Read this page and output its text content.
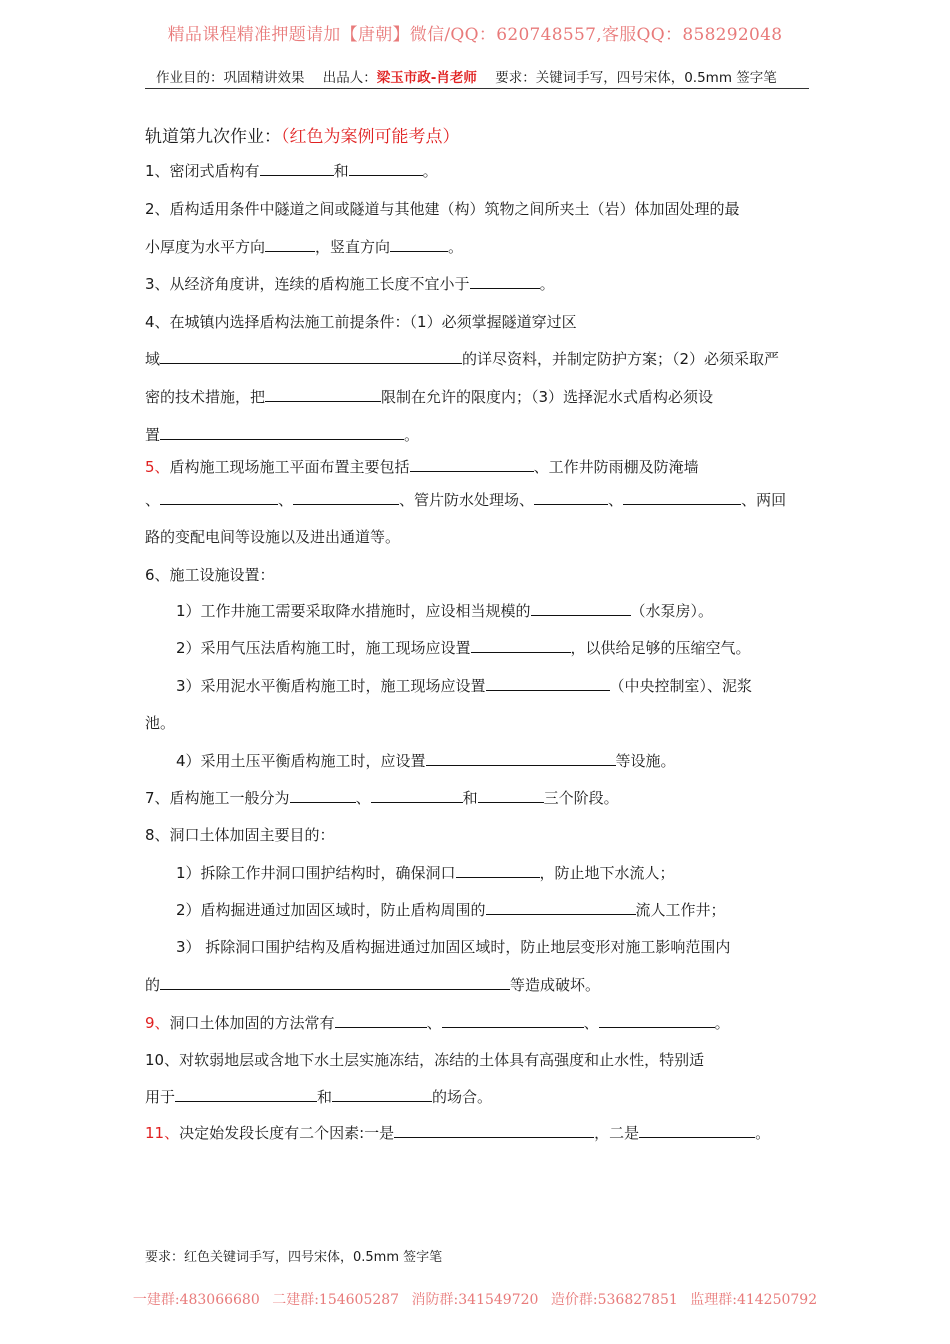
精品课程精准押题请加【唐朝】微信/QQ：620748557,客服QQ：858292048
作业目的：巩固精讲效果 出品人：梁玉市政-肖老师 要求：关键词手写，四号宋体，0.5mm 签字笔
轨道第九次作业：（红色为案例可能考点）
1、密闭式盾构有	和	。
2、盾构适用条件中隧道之间或隧道与其他建（构）筑物之间所夹土（岩）体加固处理的最
小厚度为水平方向	，竖直方向	。
3、从经济角度讲，连续的盾构施工长度不宜小于	。
4、在城镇内选择盾构法施工前提条件：（1）必须掌握隧道穿过区
域	的详尽资料，并制定防护方案；（2）必须采取严
密的技术措施，把	限制在允许的限度内；（3）选择泥水式盾构必须设
置	。
5、盾构施工现场施工平面布置主要包括	、工作井防雨棚及防淹墙
、	、	、管片防水处理场、	、	、两回
路的变配电间等设施以及进出通道等。
6、施工设施设置：
1）工作井施工需要采取降水措施时，应设相当规模的	（水泵房）。
2）采用气压法盾构施工时，施工现场应设置	，以供给足够的压缩空气。
3）采用泥水平衡盾构施工时，施工现场应设置	（中央控制室）、泥浆
池。
4）采用土压平衡盾构施工时，应设置	等设施。
7、盾构施工一般分为	、	和	三个阶段。
8、洞口土体加固主要目的：
1）拆除工作井洞口围护结构时，确保洞口	，防止地下水流人；
2）盾构掘进通过加固区域时，防止盾构周围的	流人工作井；
3） 拆除洞口围护结构及盾构掘进通过加固区域时，防止地层变形对施工影响范围内
的	等造成破坏。
9、洞口土体加固的方法常有	、	、	。
10、对软弱地层或含地下水土层实施冻结，冻结的土体具有高强度和止水性，特别适
用于	和	的场合。
11、决定始发段长度有二个因素:一是	，二是	。
要求：红色关键词手写，四号宋体，0.5mm 签字笔
一建群:483066680 二建群:154605287 消防群:341549720 造价群:536827851 监理群:414250792
